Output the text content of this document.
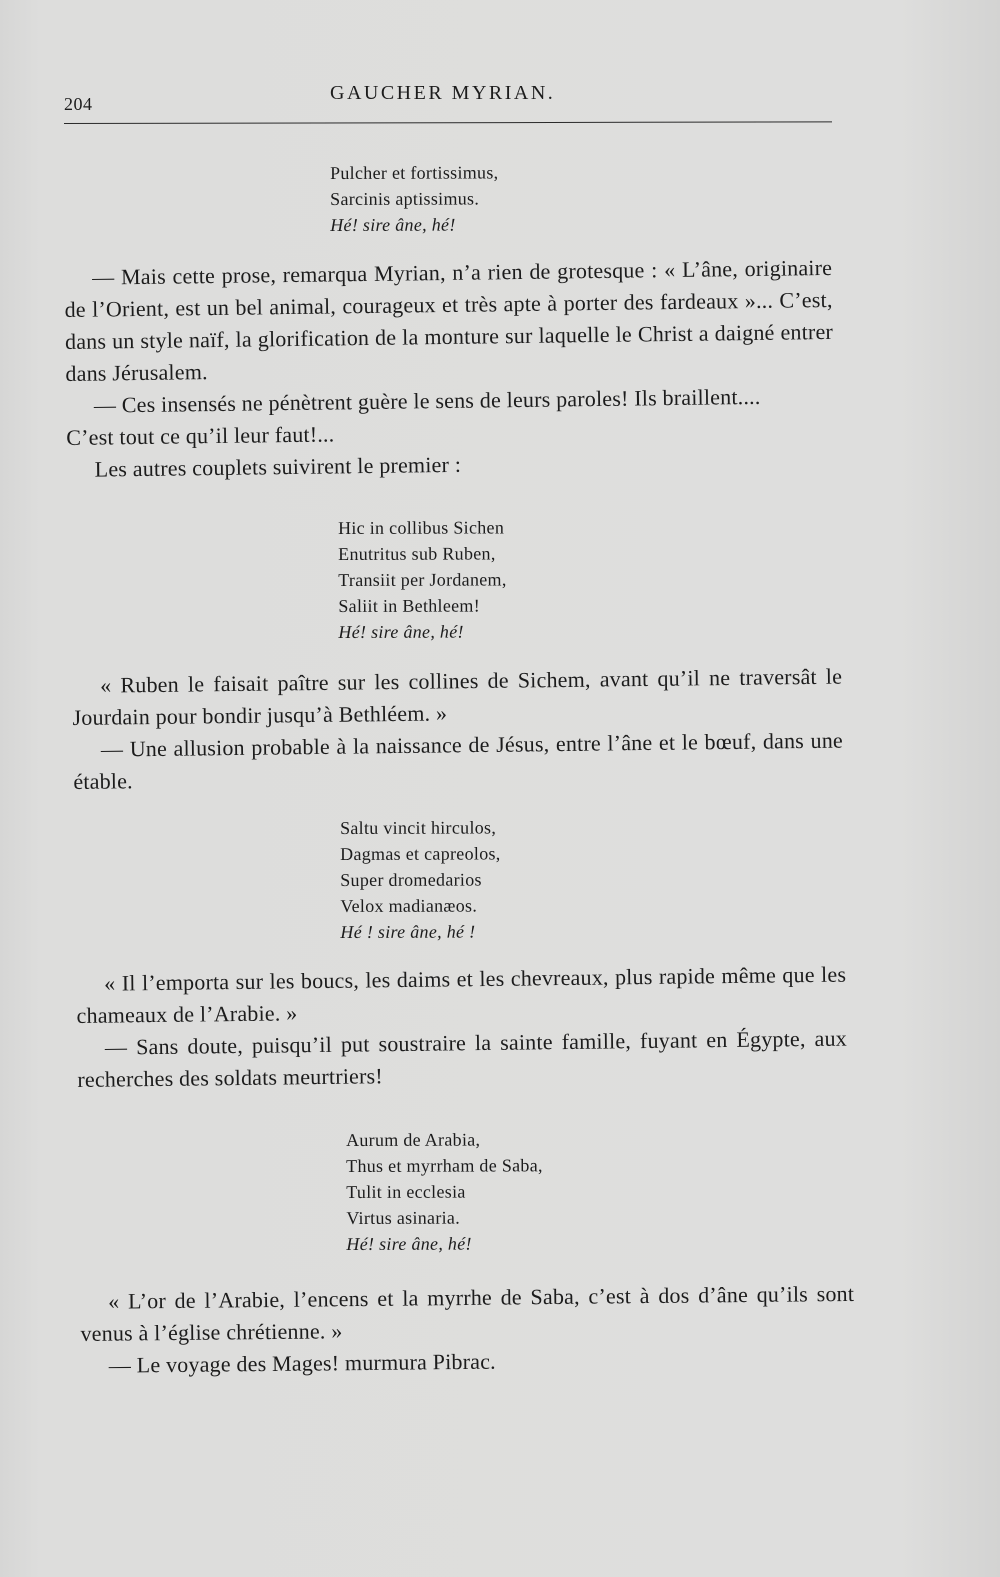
204	GAUCHER MYRIAN.
Pulcher et fortissimus,
Sarcinis aptissimus.
Hé! sire âne, hé!

— Mais cette prose, remarqua Myrian, n’a rien de grotesque : « L’âne, originaire de l’Orient, est un bel animal, courageux et très apte à porter des fardeaux »... C’est, dans un style naïf, la glorification de la monture sur laquelle le Christ a daigné entrer dans Jérusalem.

— Ces insensés ne pénètrent guère le sens de leurs paroles! Ils braillent....

C’est tout ce qu’il leur faut!...

Les autres couplets suivirent le premier :

Hic in collibus Sichen
Enutritus sub Ruben,
Transiit per Jordanem,
Saliit in Bethleem!
Hé! sire âne, hé!

« Ruben le faisait paître sur les collines de Sichem, avant qu’il ne traversât le Jourdain pour bondir jusqu’à Bethléem. »

— Une allusion probable à la naissance de Jésus, entre l’âne et le bœuf, dans une étable.

Saltu vincit hirculos,
Dagmas et capreolos,
Super dromedarios
Velox madianæos.
Hé ! sire âne, hé !

« Il l’emporta sur les boucs, les daims et les chevreaux, plus rapide même que les chameaux de l’Arabie. »

— Sans doute, puisqu’il put soustraire la sainte famille, fuyant en Égypte, aux recherches des soldats meurtriers!

Aurum de Arabia,
Thus et myrrham de Saba,
Tulit in ecclesia
Virtus asinaria.
Hé! sire âne, hé!

« L’or de l’Arabie, l’encens et la myrrhe de Saba, c’est à dos d’âne qu’ils sont venus à l’église chrétienne. »

— Le voyage des Mages! murmura Pibrac.
